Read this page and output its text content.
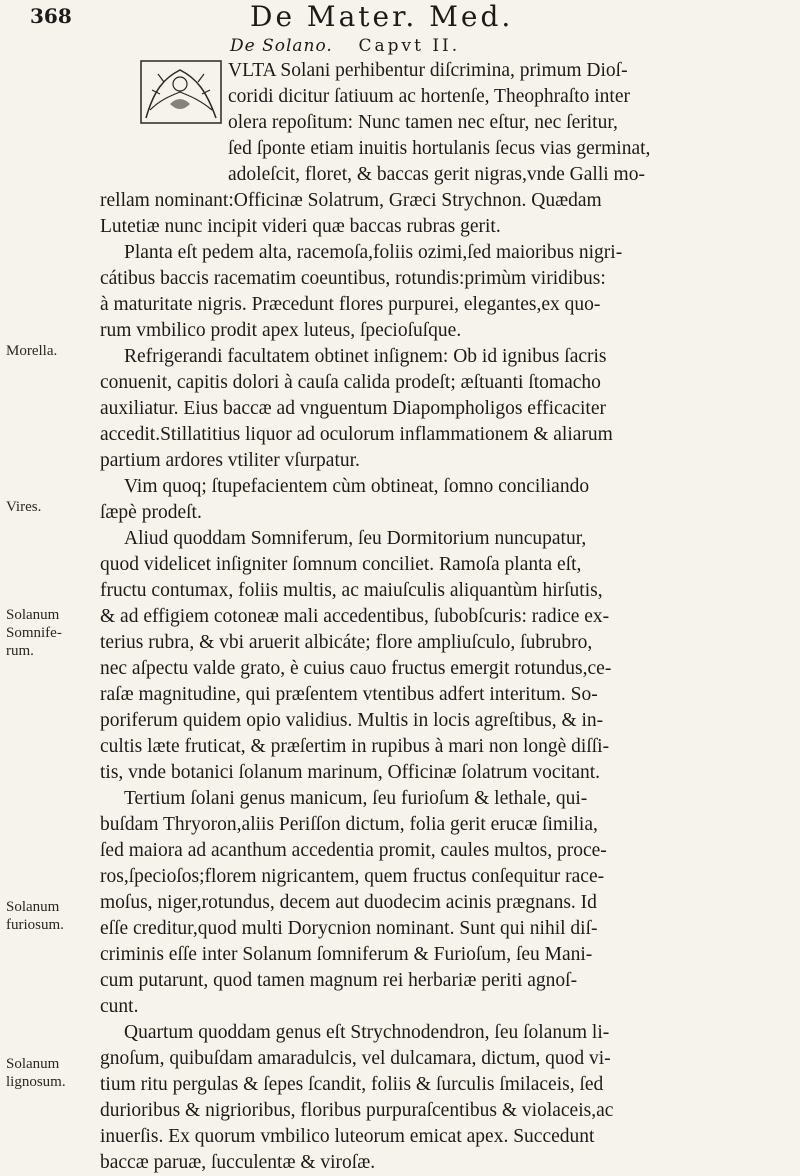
368	De Mater. Med.
De Solano. Capvt II.
Morella.
Vires.
Solanum Somnife-rum.
Solanum furiosum.
Solanum lignosum.

VLTA Solani perhibentur diſcrimina, primum Dioſ-

coridi dicitur ſatiuum ac hortenſe, Theophraſto inter

olera repoſitum: Nunc tamen nec eſtur, nec ſeritur,

ſed ſponte etiam inuitis hortulanis ſecus vias germinat,

adoleſcit, floret, & baccas gerit nigras,vnde Galli mo-

rellam nominant:Officinæ Solatrum, Græci Strychnon. Quædam

Lutetiæ nunc incipit videri quæ baccas rubras gerit.

Planta eſt pedem alta, racemoſa,foliis ozimi,ſed maioribus nigri-

cátibus baccis racematim coeuntibus, rotundis:primùm viridibus:

à maturitate nigris. Præcedunt flores purpurei, elegantes,ex quo-

rum vmbilico prodit apex luteus, ſpecioſuſque.

Refrigerandi facultatem obtinet inſignem: Ob id ignibus ſacris

conuenit, capitis dolori à cauſa calida prodeſt; æſtuanti ſtomacho

auxiliatur. Eius baccæ ad vnguentum Diapompholigos efficaciter

accedit.Stillatitius liquor ad oculorum inflammationem & aliarum

partium ardores vtiliter vſurpatur.

Vim quoq; ſtupefacientem cùm obtineat, ſomno conciliando

ſæpè prodeſt.

Aliud quoddam Somniferum, ſeu Dormitorium nuncupatur,

quod videlicet inſigniter ſomnum conciliet. Ramoſa planta eſt,

fructu contumax, foliis multis, ac maiuſculis aliquantùm hirſutis,

& ad effigiem cotoneæ mali accedentibus, ſubobſcuris: radice ex-

terius rubra, & vbi aruerit albicáte; flore ampliuſculo, ſubrubro,

nec aſpectu valde grato, è cuius cauo fructus emergit rotundus,ce-

raſæ magnitudine, qui præſentem vtentibus adfert interitum. So-

poriferum quidem opio validius. Multis in locis agreſtibus, & in-

cultis læte fruticat, & præſertim in rupibus à mari non longè diſſi-

tis, vnde botanici ſolanum marinum, Officinæ ſolatrum vocitant.

Tertium ſolani genus manicum, ſeu furioſum & lethale, qui-

buſdam Thryoron,aliis Periſſon dictum, folia gerit erucæ ſimilia,

ſed maiora ad acanthum accedentia promit, caules multos, proce-

ros,ſpecioſos;florem nigricantem, quem fructus conſequitur race-

moſus, niger,rotundus, decem aut duodecim acinis prægnans. Id

eſſe creditur,quod multi Dorycnion nominant. Sunt qui nihil diſ-

criminis eſſe inter Solanum ſomniferum & Furioſum, ſeu Mani-

cum putarunt, quod tamen magnum rei herbariæ periti agnoſ-

cunt.

Quartum quoddam genus eſt Strychnodendron, ſeu ſolanum li-

gnoſum, quibuſdam amaradulcis, vel dulcamara, dictum, quod vi-

tium ritu pergulas & ſepes ſcandit, foliis & ſurculis ſmilaceis, ſed

durioribus & nigrioribus, floribus purpuraſcentibus & violaceis,ac

inuerſis. Ex quorum vmbilico luteorum emicat apex. Succedunt

baccæ paruæ, ſucculentæ & viroſæ.
